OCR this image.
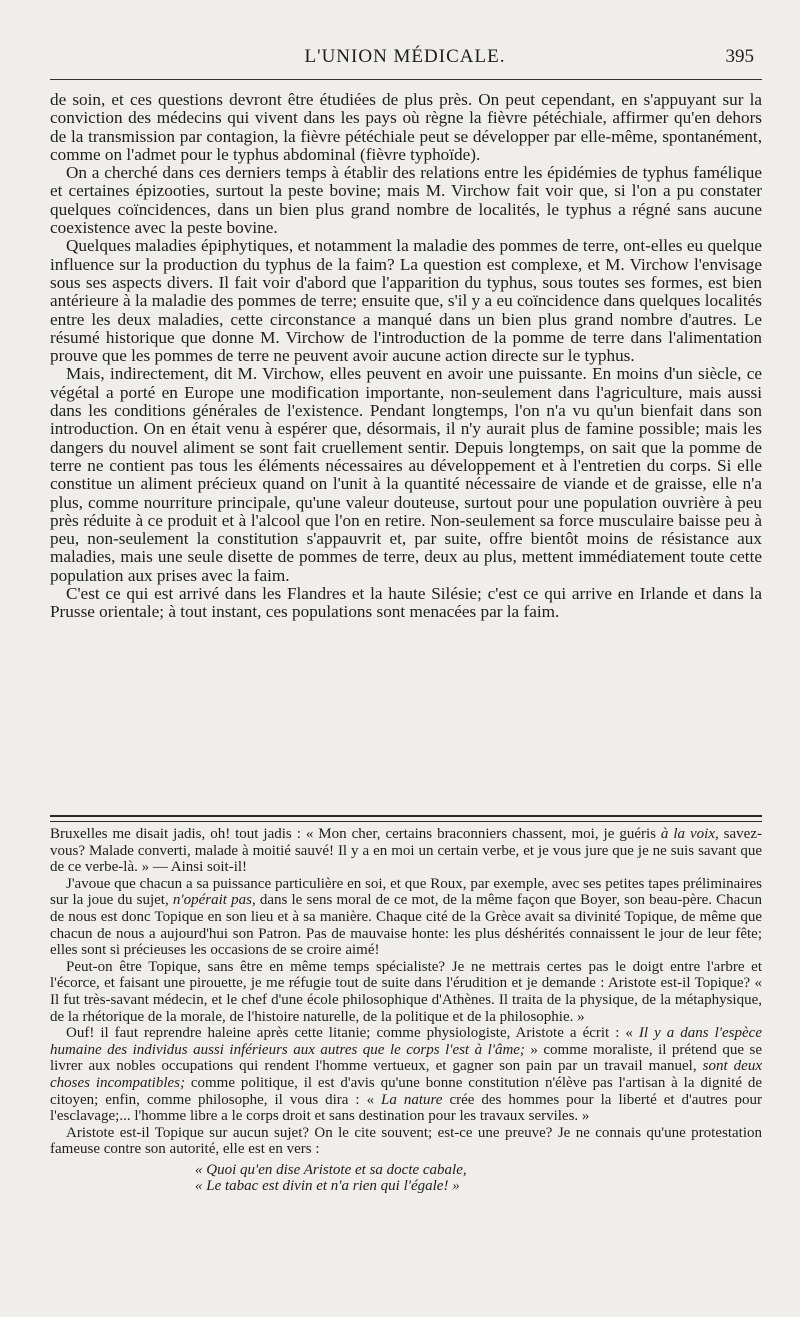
L'UNION MÉDICALE.	395

de soin, et ces questions devront être étudiées de plus près. On peut cependant, en s'appuyant sur la conviction des médecins qui vivent dans les pays où règne la fièvre pétéchiale, affirmer qu'en dehors de la transmission par contagion, la fièvre pétéchiale peut se développer par elle-même, spontanément, comme on l'admet pour le typhus abdominal (fièvre typhoïde).

On a cherché dans ces derniers temps à établir des relations entre les épidémies de typhus famélique et certaines épizooties, surtout la peste bovine; mais M. Virchow fait voir que, si l'on a pu constater quelques coïncidences, dans un bien plus grand nombre de localités, le typhus a régné sans aucune coexistence avec la peste bovine.

Quelques maladies épiphytiques, et notamment la maladie des pommes de terre, ont-elles eu quelque influence sur la production du typhus de la faim? La question est complexe, et M. Virchow l'envisage sous ses aspects divers. Il fait voir d'abord que l'apparition du typhus, sous toutes ses formes, est bien antérieure à la maladie des pommes de terre; ensuite que, s'il y a eu coïncidence dans quelques localités entre les deux maladies, cette circonstance a manqué dans un bien plus grand nombre d'autres. Le résumé historique que donne M. Virchow de l'introduction de la pomme de terre dans l'alimentation prouve que les pommes de terre ne peuvent avoir aucune action directe sur le typhus.

Mais, indirectement, dit M. Virchow, elles peuvent en avoir une puissante. En moins d'un siècle, ce végétal a porté en Europe une modification importante, non-seulement dans l'agriculture, mais aussi dans les conditions générales de l'existence. Pendant longtemps, l'on n'a vu qu'un bienfait dans son introduction. On en était venu à espérer que, désormais, il n'y aurait plus de famine possible; mais les dangers du nouvel aliment se sont fait cruellement sentir. Depuis longtemps, on sait que la pomme de terre ne contient pas tous les éléments nécessaires au développement et à l'entretien du corps. Si elle constitue un aliment précieux quand on l'unit à la quantité nécessaire de viande et de graisse, elle n'a plus, comme nourriture principale, qu'une valeur douteuse, surtout pour une population ouvrière à peu près réduite à ce produit et à l'alcool que l'on en retire. Non-seulement sa force musculaire baisse peu à peu, non-seulement la constitution s'appauvrit et, par suite, offre bientôt moins de résistance aux maladies, mais une seule disette de pommes de terre, deux au plus, mettent immédiatement toute cette population aux prises avec la faim.

C'est ce qui est arrivé dans les Flandres et la haute Silésie; c'est ce qui arrive en Irlande et dans la Prusse orientale; à tout instant, ces populations sont menacées par la faim.

Bruxelles me disait jadis, oh! tout jadis : « Mon cher, certains braconniers chassent, moi, je guéris à la voix, savez-vous? Malade converti, malade à moitié sauvé! Il y a en moi un certain verbe, et je vous jure que je ne suis savant que de ce verbe-là. » — Ainsi soit-il!

J'avoue que chacun a sa puissance particulière en soi, et que Roux, par exemple, avec ses petites tapes préliminaires sur la joue du sujet, n'opérait pas, dans le sens moral de ce mot, de la même façon que Boyer, son beau-père. Chacun de nous est donc Topique en son lieu et à sa manière. Chaque cité de la Grèce avait sa divinité Topique, de même que chacun de nous a aujourd'hui son Patron. Pas de mauvaise honte: les plus déshérités connaissent le jour de leur fête; elles sont si précieuses les occasions de se croire aimé!

Peut-on être Topique, sans être en même temps spécialiste? Je ne mettrais certes pas le doigt entre l'arbre et l'écorce, et faisant une pirouette, je me réfugie tout de suite dans l'érudition et je demande : Aristote est-il Topique? « Il fut très-savant médecin, et le chef d'une école philosophique d'Athènes. Il traita de la physique, de la métaphysique, de la rhétorique de la morale, de l'histoire naturelle, de la politique et de la philosophie. »

Ouf! il faut reprendre haleine après cette litanie; comme physiologiste, Aristote a écrit : « Il y a dans l'espèce humaine des individus aussi inférieurs aux autres que le corps l'est à l'âme; » comme moraliste, il prétend que se livrer aux nobles occupations qui rendent l'homme vertueux, et gagner son pain par un travail manuel, sont deux choses incompatibles; comme politique, il est d'avis qu'une bonne constitution n'élève pas l'artisan à la dignité de citoyen; enfin, comme philosophe, il vous dira : « La nature crée des hommes pour la liberté et d'autres pour l'esclavage;... l'homme libre a le corps droit et sans destination pour les travaux serviles. »

Aristote est-il Topique sur aucun sujet? On le cite souvent; est-ce une preuve? Je ne connais qu'une protestation fameuse contre son autorité, elle est en vers :

« Quoi qu'en dise Aristote et sa docte cabale,

« Le tabac est divin et n'a rien qui l'égale! »
